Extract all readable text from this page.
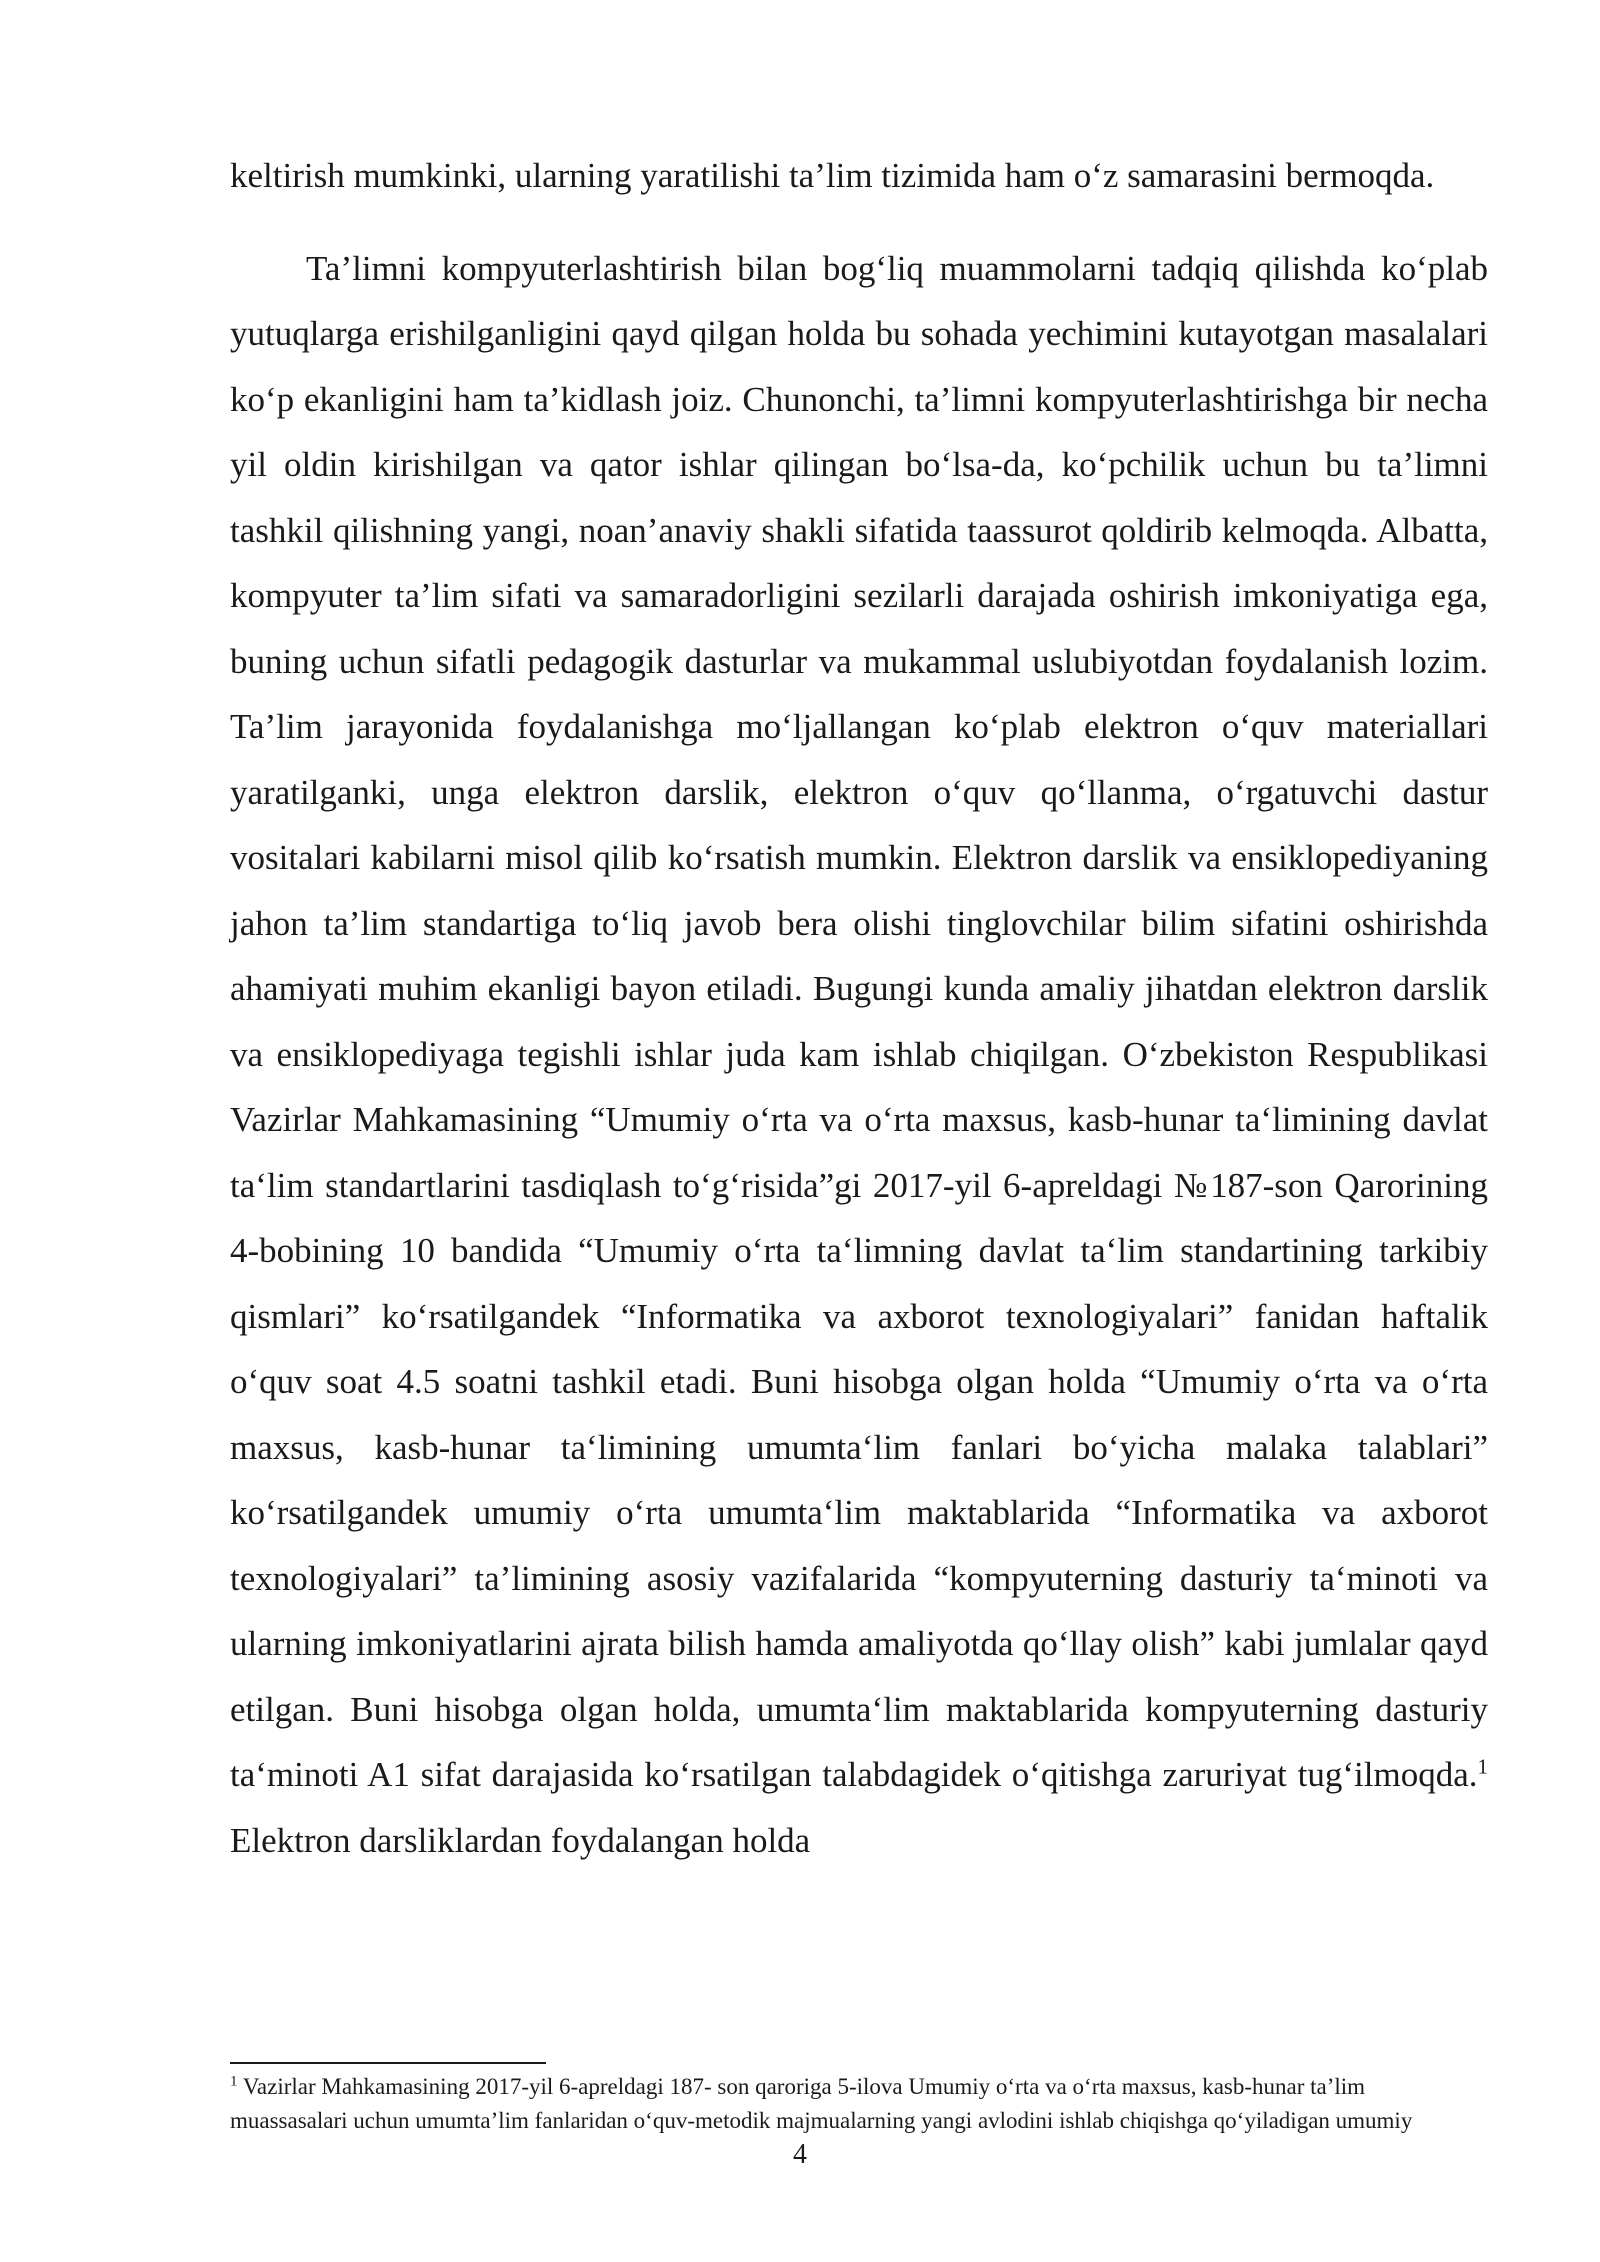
keltirish mumkinki, ularning yaratilishi ta’lim tizimida ham o‘z samarasini bermoqda.

Ta’limni kompyuterlashtirish bilan bog‘liq muammolarni tadqiq qilishda ko‘plab yutuqlarga erishilganligini qayd qilgan holda bu sohada yechimini kutayotgan masalalari ko‘p ekanligini ham ta’kidlash joiz. Chunonchi, ta’limni kompyuterlashtirishga bir necha yil oldin kirishilgan va qator ishlar qilingan bo‘lsa-da, ko‘pchilik uchun bu ta’limni tashkil qilishning yangi, noan’anaviy shakli sifatida taassurot qoldirib kelmoqda. Albatta, kompyuter ta’lim sifati va samaradorligini sezilarli darajada oshirish imkoniyatiga ega, buning uchun sifatli pedagogik dasturlar va mukammal uslubiyotdan foydalanish lozim. Ta’lim jarayonida foydalanishga mo‘ljallangan ko‘plab elektron o‘quv materiallari yaratilganki, unga elektron darslik, elektron o‘quv qo‘llanma, o‘rgatuvchi dastur vositalari kabilarni misol qilib ko‘rsatish mumkin. Elektron darslik va ensiklopediyaning jahon ta’lim standartiga to‘liq javob bera olishi tinglovchilar bilim sifatini oshirishda ahamiyati muhim ekanligi bayon etiladi. Bugungi kunda amaliy jihatdan elektron darslik va ensiklopediyaga tegishli ishlar juda kam ishlab chiqilgan. O‘zbekiston Respublikasi Vazirlar Mahkamasining “Umumiy o‘rta va o‘rta maxsus, kasb-hunar ta‘limining davlat ta‘lim standartlarini tasdiqlash to‘g‘risida”gi 2017-yil 6-apreldagi №187-son Qarorining 4-bobining 10 bandida “Umumiy o‘rta ta‘limning davlat ta‘lim standartining tarkibiy qismlari” ko‘rsatilgandek “Informatika va axborot texnologiyalari” fanidan haftalik o‘quv soat 4.5 soatni tashkil etadi. Buni hisobga olgan holda “Umumiy o‘rta va o‘rta maxsus, kasb-hunar ta‘limining umumta‘lim fanlari bo‘yicha malaka talablari” ko‘rsatilgandek umumiy o‘rta umumta‘lim maktablarida “Informatika va axborot texnologiyalari” ta’limining asosiy vazifalarida “kompyuterning dasturiy ta‘minoti va ularning imkoniyatlarini ajrata bilish hamda amaliyotda qo‘llay olish” kabi jumlalar qayd etilgan. Buni hisobga olgan holda, umumta‘lim maktablarida kompyuterning dasturiy ta‘minoti A1 sifat darajasida ko‘rsatilgan talabdagidek o‘qitishga zaruriyat tug‘ilmoqda.$^1$ Elektron darsliklardan foydalangan holda

$^1$ Vazirlar Mahkamasining 2017-yil 6-apreldagi 187- son qaroriga 5-ilova Umumiy o‘rta va o‘rta maxsus, kasb-hunar ta’lim muassasalari uchun umumta’lim fanlaridan o‘quv-metodik majmualarning yangi avlodini ishlab chiqishga qo‘yiladigan umumiy

4
